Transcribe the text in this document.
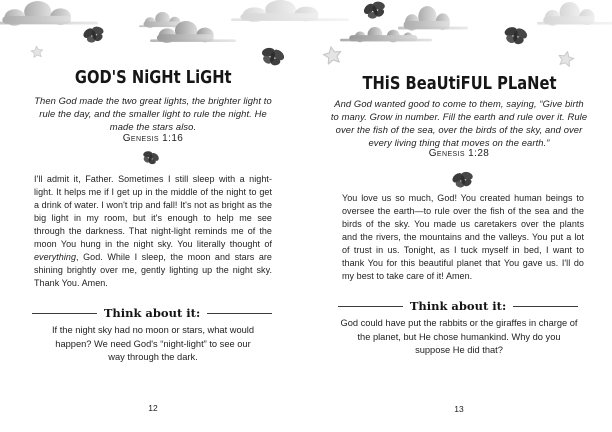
GOD'S NiGHt LiGHt

Then God made the two great lights, the brighter light to rule the day, and the smaller light to rule the night. He made the stars also.

Genesis 1:16

I'll admit it, Father. Sometimes I still sleep with a night-light. It helps me if I get up in the middle of the night to get a drink of water. I won't trip and fall! It's not as bright as the big light in my room, but it's enough to help me see through the darkness. That night-light reminds me of the moon You hung in the night sky. You literally thought of everything, God. While I sleep, the moon and stars are shining brightly over me, gently lighting up the night sky. Thank You. Amen.

Think about it:

If the night sky had no moon or stars, what would happen? We need God's “night-light” to see our way through the dark.

12
THiS BeaUtiFUL PLaNet

And God wanted good to come to them, saying, “Give birth to many. Grow in number. Fill the earth and rule over it. Rule over the fish of the sea, over the birds of the sky, and over every living thing that moves on the earth.”

Genesis 1:28

You love us so much, God! You created human beings to oversee the earth—to rule over the fish of the sea and the birds of the sky. You made us caretakers over the plants and the rivers, the mountains and the valleys. You put a lot of trust in us. Tonight, as I tuck myself in bed, I want to thank You for this beautiful planet that You gave us. I'll do my best to take care of it! Amen.

Think about it:

God could have put the rabbits or the giraffes in charge of the planet, but He chose humankind. Why do you suppose He did that?

13
